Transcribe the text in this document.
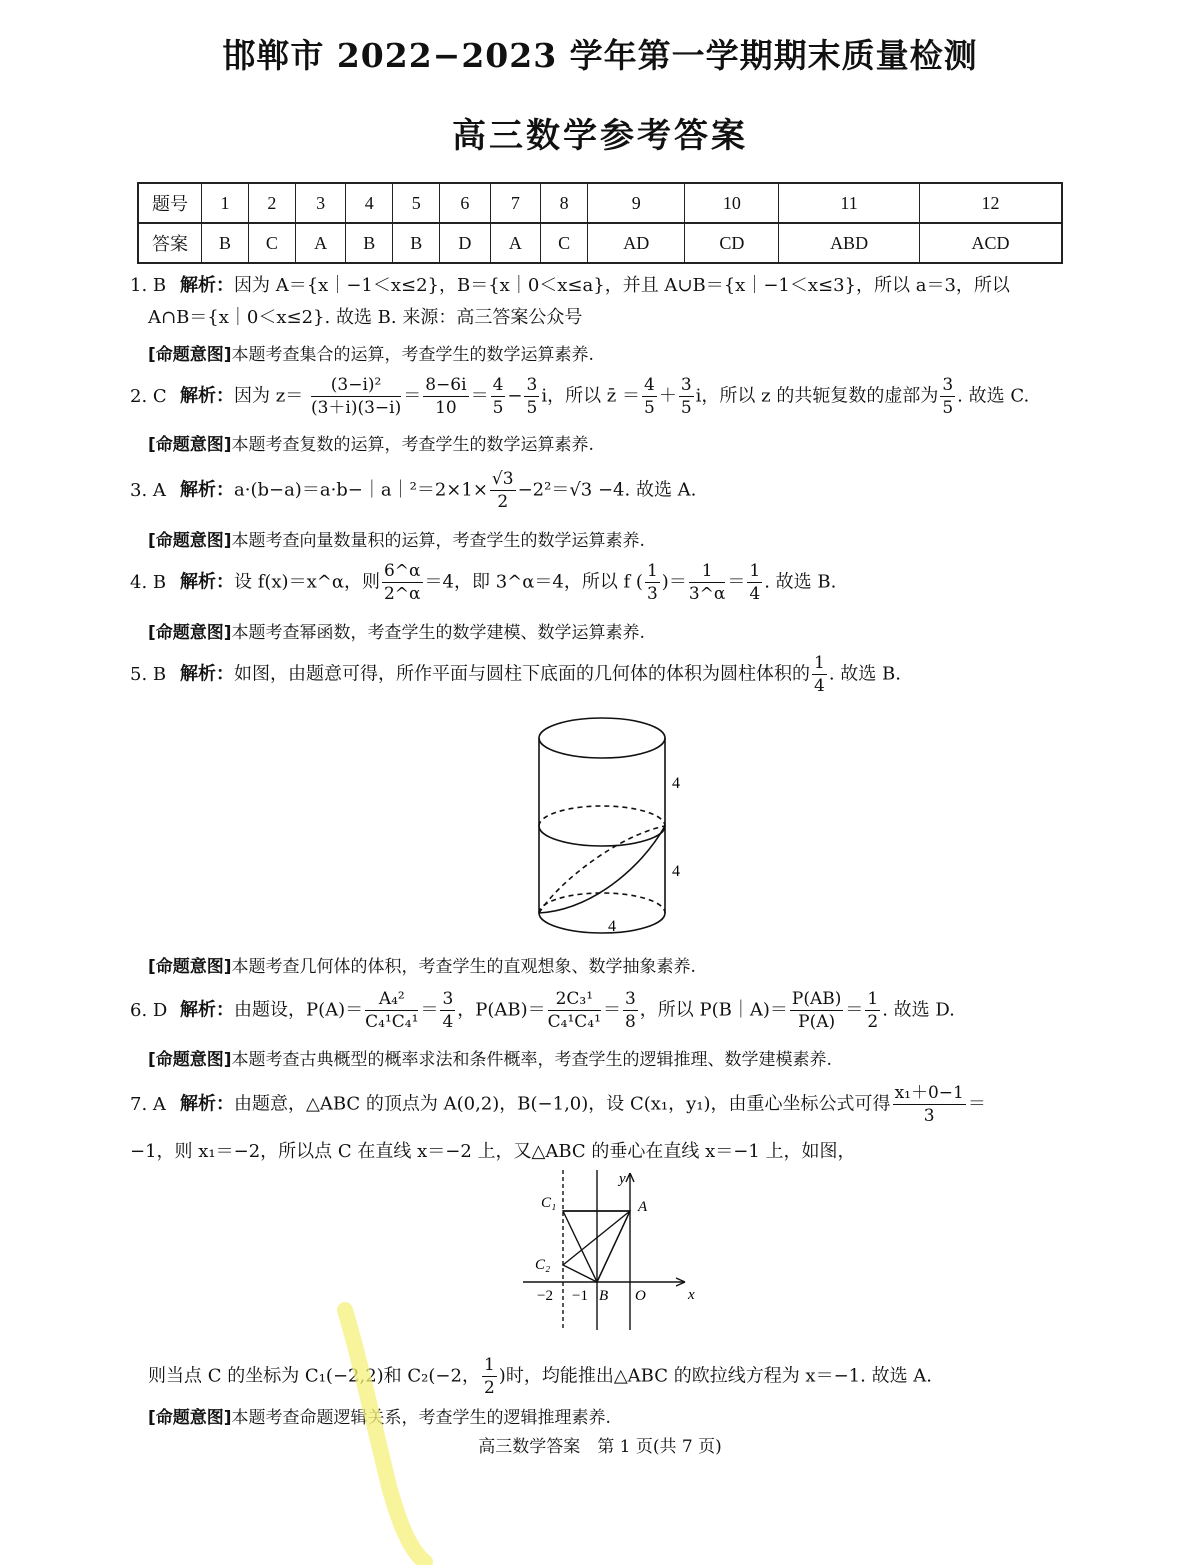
邯郸市 2022−2023 学年第一学期期末质量检测
高三数学参考答案
题号	1	2	3	4	5	6	7	8	9	10	11	12
答案	B	C	A	B	B	D	A	C	AD	CD	ABD	ACD
1. B 解析：因为 A＝{x｜−1＜x≤2}，B＝{x｜0＜x≤a}，并且 A∪B＝{x｜−1＜x≤3}，所以 a＝3，所以
A∩B＝{x｜0＜x≤2}. 故选 B. 来源：高三答案公众号
[命题意图]本题考查集合的运算，考查学生的数学运算素养.
2. C 解析：因为 $z= \frac{\text{(3−i)²}}{(3+i)(3-i)} = \frac{8-6i}{10} = \frac{4}{5} - \frac{3}{5}$ i，所以 z̄ ＝ $\frac{4}{5} + \frac{3}{5}$ i，所以 z 的共轭复数的虚部为 $\frac{3}{5}$ . 故选 C.
[命题意图]本题考查复数的运算，考查学生的数学运算素养.
3. A 解析：a·(b−a)＝a·b−｜a｜²＝2×1× $\frac{√3}{2} -2^2=√3 -4$. 故选 A.
[命题意图]本题考查向量数量积的运算，考查学生的数学运算素养.
4. B 解析：设 f(x)＝x^α，则 $\frac{6\^{}\alpha}{2\^{}\alpha} =4$，即 3^α＝4，所以 f ( $\frac{1}{3}$ )＝ $\frac{1}{3\^{}\alpha} = \frac{1}{4}$ . 故选 B.
[命题意图]本题考查幂函数，考查学生的数学建模、数学运算素养.
5. B 解析：如图，由题意可得，所作平面与圆柱下底面的几何体的体积为圆柱体积的 $\frac{1}{4}$ . 故选 B.
4
4
4
[命题意图]本题考查几何体的体积，考查学生的直观想象、数学抽象素养.
6. D 解析：由题设，$P(A)= \frac{\text{A₄²}}{\text{C₄¹C₄¹}} = \frac{3}{4}$ ，$P(AB)= \frac{\text{2C₃¹}}{\text{C₄¹C₄¹}} = \frac{3}{8}$ ，所以 P(B｜A)＝ $\frac{P(AB)}{P(A)} = \frac{1}{2}$ . 故选 D.
[命题意图]本题考查古典概型的概率求法和条件概率，考查学生的逻辑推理、数学建模素养.
7. A 解析：由题意，△ABC 的顶点为 A(0,2)，B(−1,0)，设 C(x₁，y₁)，由重心坐标公式可得 $\frac{\text{x₁＋0−1}}{3}$ ＝
−1，则 x₁＝−2，所以点 C 在直线 x＝−2 上，又△ABC 的垂心在直线 x＝−1 上，如图，
y
x
A
B O
C₁
C₂
−2 −1
则当点 C 的坐标为 C₁(−2,2)和 C₂(−2， $\frac{1}{2}$ )时，均能推出△ABC 的欧拉线方程为 x＝−1. 故选 A.
[命题意图]本题考查命题逻辑关系，考查学生的逻辑推理素养.
高三数学答案　第 1 页(共 7 页)
